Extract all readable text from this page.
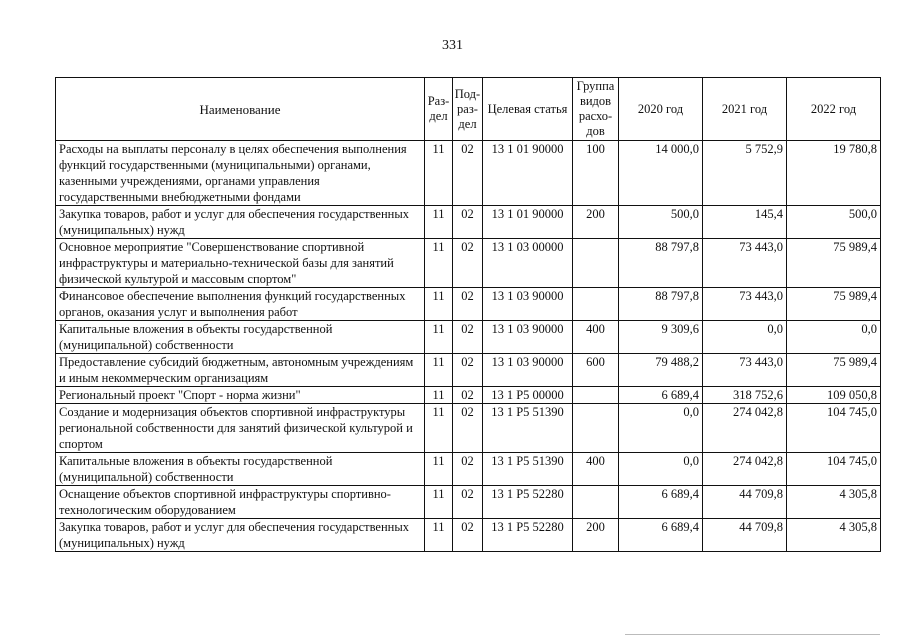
331
Наименование	Раз-дел	Под-раз-дел	Целевая статья	Группа видов расхо-дов	2020 год	2021 год	2022 год
Расходы на выплаты персоналу в целях обеспечения выполнения функций государственными (муниципальными) органами, казенными учреждениями, органами управления государственными внебюджетными фондами	11	02	13 1 01 90000	100	14 000,0	5 752,9	19 780,8
Закупка товаров, работ и услуг для обеспечения государственных (муниципальных) нужд	11	02	13 1 01 90000	200	500,0	145,4	500,0
Основное мероприятие "Совершенствование спортивной инфраструктуры и материально-технической базы для занятий физической культурой и массовым спортом"	11	02	13 1 03 00000		88 797,8	73 443,0	75 989,4
Финансовое обеспечение выполнения функций государственных органов, оказания услуг и выполнения работ	11	02	13 1 03 90000		88 797,8	73 443,0	75 989,4
Капитальные вложения в объекты государственной (муниципальной) собственности	11	02	13 1 03 90000	400	9 309,6	0,0	0,0
Предоставление субсидий бюджетным, автономным учреждениям и иным некоммерческим организациям	11	02	13 1 03 90000	600	79 488,2	73 443,0	75 989,4
Региональный проект "Спорт - норма жизни"	11	02	13 1 Р5 00000		6 689,4	318 752,6	109 050,8
Создание и модернизация объектов спортивной инфраструктуры региональной собственности для занятий физической культурой и спортом	11	02	13 1 Р5 51390		0,0	274 042,8	104 745,0
Капитальные вложения в объекты государственной (муниципальной) собственности	11	02	13 1 Р5 51390	400	0,0	274 042,8	104 745,0
Оснащение объектов спортивной инфраструктуры спортивно-технологическим оборудованием	11	02	13 1 Р5 52280		6 689,4	44 709,8	4 305,8
Закупка товаров, работ и услуг для обеспечения государственных (муниципальных) нужд	11	02	13 1 Р5 52280	200	6 689,4	44 709,8	4 305,8
